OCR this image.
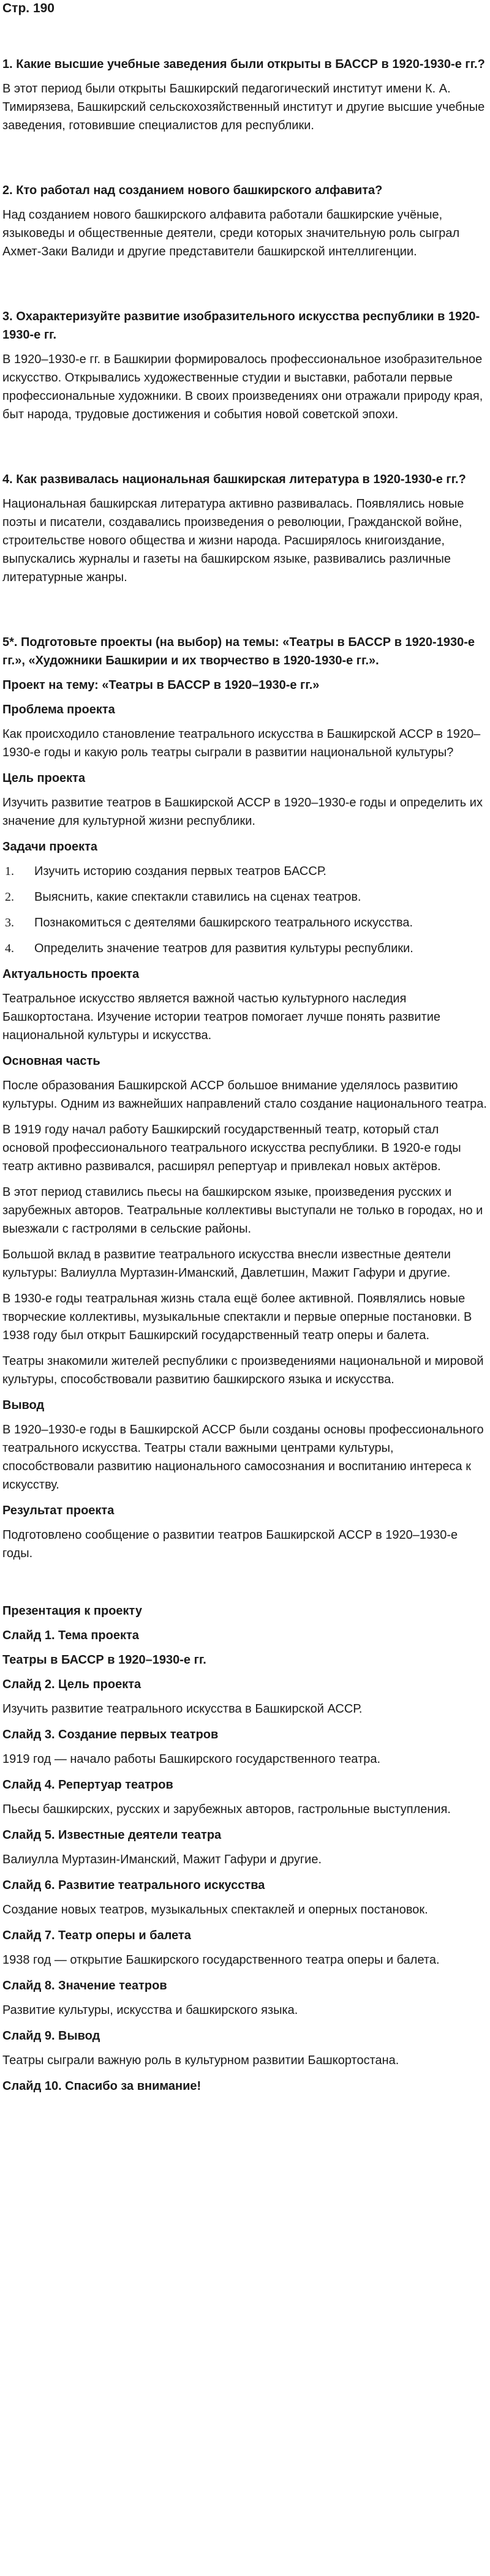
Стр. 190
1. Какие высшие учебные заведения были открыты в БАССР в 1920-1930-е гг.?
В этот период были открыты Башкирский педагогический институт имени К. А. Тимирязева, Башкирский сельскохозяйственный институт и другие высшие учебные заведения, готовившие специалистов для республики.
2. Кто работал над созданием нового башкирского алфавита?
Над созданием нового башкирского алфавита работали башкирские учёные, языковеды и общественные деятели, среди которых значительную роль сыграл Ахмет-Заки Валиди и другие представители башкирской интеллигенции.
3. Охарактеризуйте развитие изобразительного искусства республики в 1920-1930-е гг.
В 1920–1930-е гг. в Башкирии формировалось профессиональное изобразительное искусство. Открывались художественные студии и выставки, работали первые профессиональные художники. В своих произведениях они отражали природу края, быт народа, трудовые достижения и события новой советской эпохи.
4. Как развивалась национальная башкирская литература в 1920-1930-е гг.?
Национальная башкирская литература активно развивалась. Появлялись новые поэты и писатели, создавались произведения о революции, Гражданской войне, строительстве нового общества и жизни народа. Расширялось книгоиздание, выпускались журналы и газеты на башкирском языке, развивались различные литературные жанры.
5*. Подготовьте проекты (на выбор) на темы: «Театры в БАССР в 1920-1930-е гг.», «Художники Башкирии и их творчество в 1920-1930-е гг.».
Проект на тему: «Театры в БАССР в 1920–1930-е гг.»
Проблема проекта
Как происходило становление театрального искусства в Башкирской АССР в 1920–1930-е годы и какую роль театры сыграли в развитии национальной культуры?
Цель проекта
Изучить развитие театров в Башкирской АССР в 1920–1930-е годы и определить их значение для культурной жизни республики.
Задачи проекта
1. Изучить историю создания первых театров БАССР.
2. Выяснить, какие спектакли ставились на сценах театров.
3. Познакомиться с деятелями башкирского театрального искусства.
4. Определить значение театров для развития культуры республики.
Актуальность проекта
Театральное искусство является важной частью культурного наследия Башкортостана. Изучение истории театров помогает лучше понять развитие национальной культуры и искусства.
Основная часть
После образования Башкирской АССР большое внимание уделялось развитию культуры. Одним из важнейших направлений стало создание национального театра.
В 1919 году начал работу Башкирский государственный театр, который стал основой профессионального театрального искусства республики. В 1920-е годы театр активно развивался, расширял репертуар и привлекал новых актёров.
В этот период ставились пьесы на башкирском языке, произведения русских и зарубежных авторов. Театральные коллективы выступали не только в городах, но и выезжали с гастролями в сельские районы.
Большой вклад в развитие театрального искусства внесли известные деятели культуры: Валиулла Муртазин-Иманский, Давлетшин, Мажит Гафури и другие.
В 1930-е годы театральная жизнь стала ещё более активной. Появлялись новые творческие коллективы, музыкальные спектакли и первые оперные постановки. В 1938 году был открыт Башкирский государственный театр оперы и балета.
Театры знакомили жителей республики с произведениями национальной и мировой культуры, способствовали развитию башкирского языка и искусства.
Вывод
В 1920–1930-е годы в Башкирской АССР были созданы основы профессионального театрального искусства. Театры стали важными центрами культуры, способствовали развитию национального самосознания и воспитанию интереса к искусству.
Результат проекта
Подготовлено сообщение о развитии театров Башкирской АССР в 1920–1930-е годы.
Презентация к проекту
Слайд 1. Тема проекта
Театры в БАССР в 1920–1930-е гг.
Слайд 2. Цель проекта
Изучить развитие театрального искусства в Башкирской АССР.
Слайд 3. Создание первых театров
1919 год — начало работы Башкирского государственного театра.
Слайд 4. Репертуар театров
Пьесы башкирских, русских и зарубежных авторов, гастрольные выступления.
Слайд 5. Известные деятели театра
Валиулла Муртазин-Иманский, Мажит Гафури и другие.
Слайд 6. Развитие театрального искусства
Создание новых театров, музыкальных спектаклей и оперных постановок.
Слайд 7. Театр оперы и балета
1938 год — открытие Башкирского государственного театра оперы и балета.
Слайд 8. Значение театров
Развитие культуры, искусства и башкирского языка.
Слайд 9. Вывод
Театры сыграли важную роль в культурном развитии Башкортостана.
Слайд 10. Спасибо за внимание!
